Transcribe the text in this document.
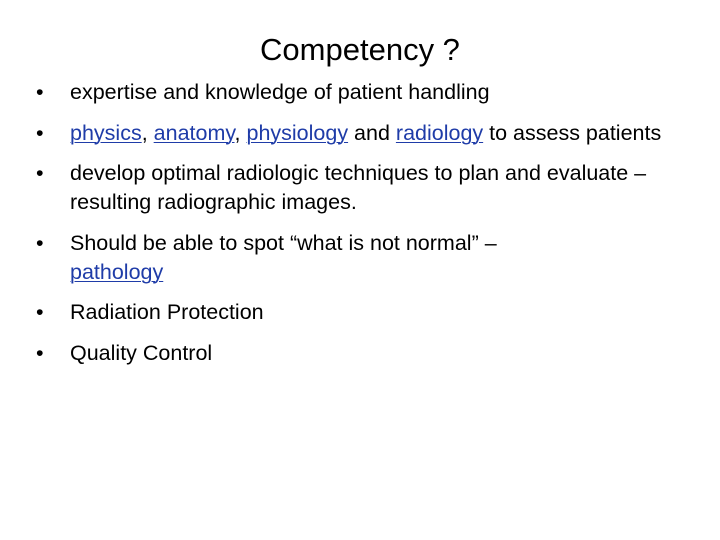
Competency ?
•	expertise and knowledge of patient handling
•	physics, anatomy, physiology and radiology to assess patients
•	develop optimal radiologic techniques to plan and evaluate – resulting radiographic images.
•	Should be able to spot “what is not normal” –
pathology
•	Radiation Protection
•	Quality Control
